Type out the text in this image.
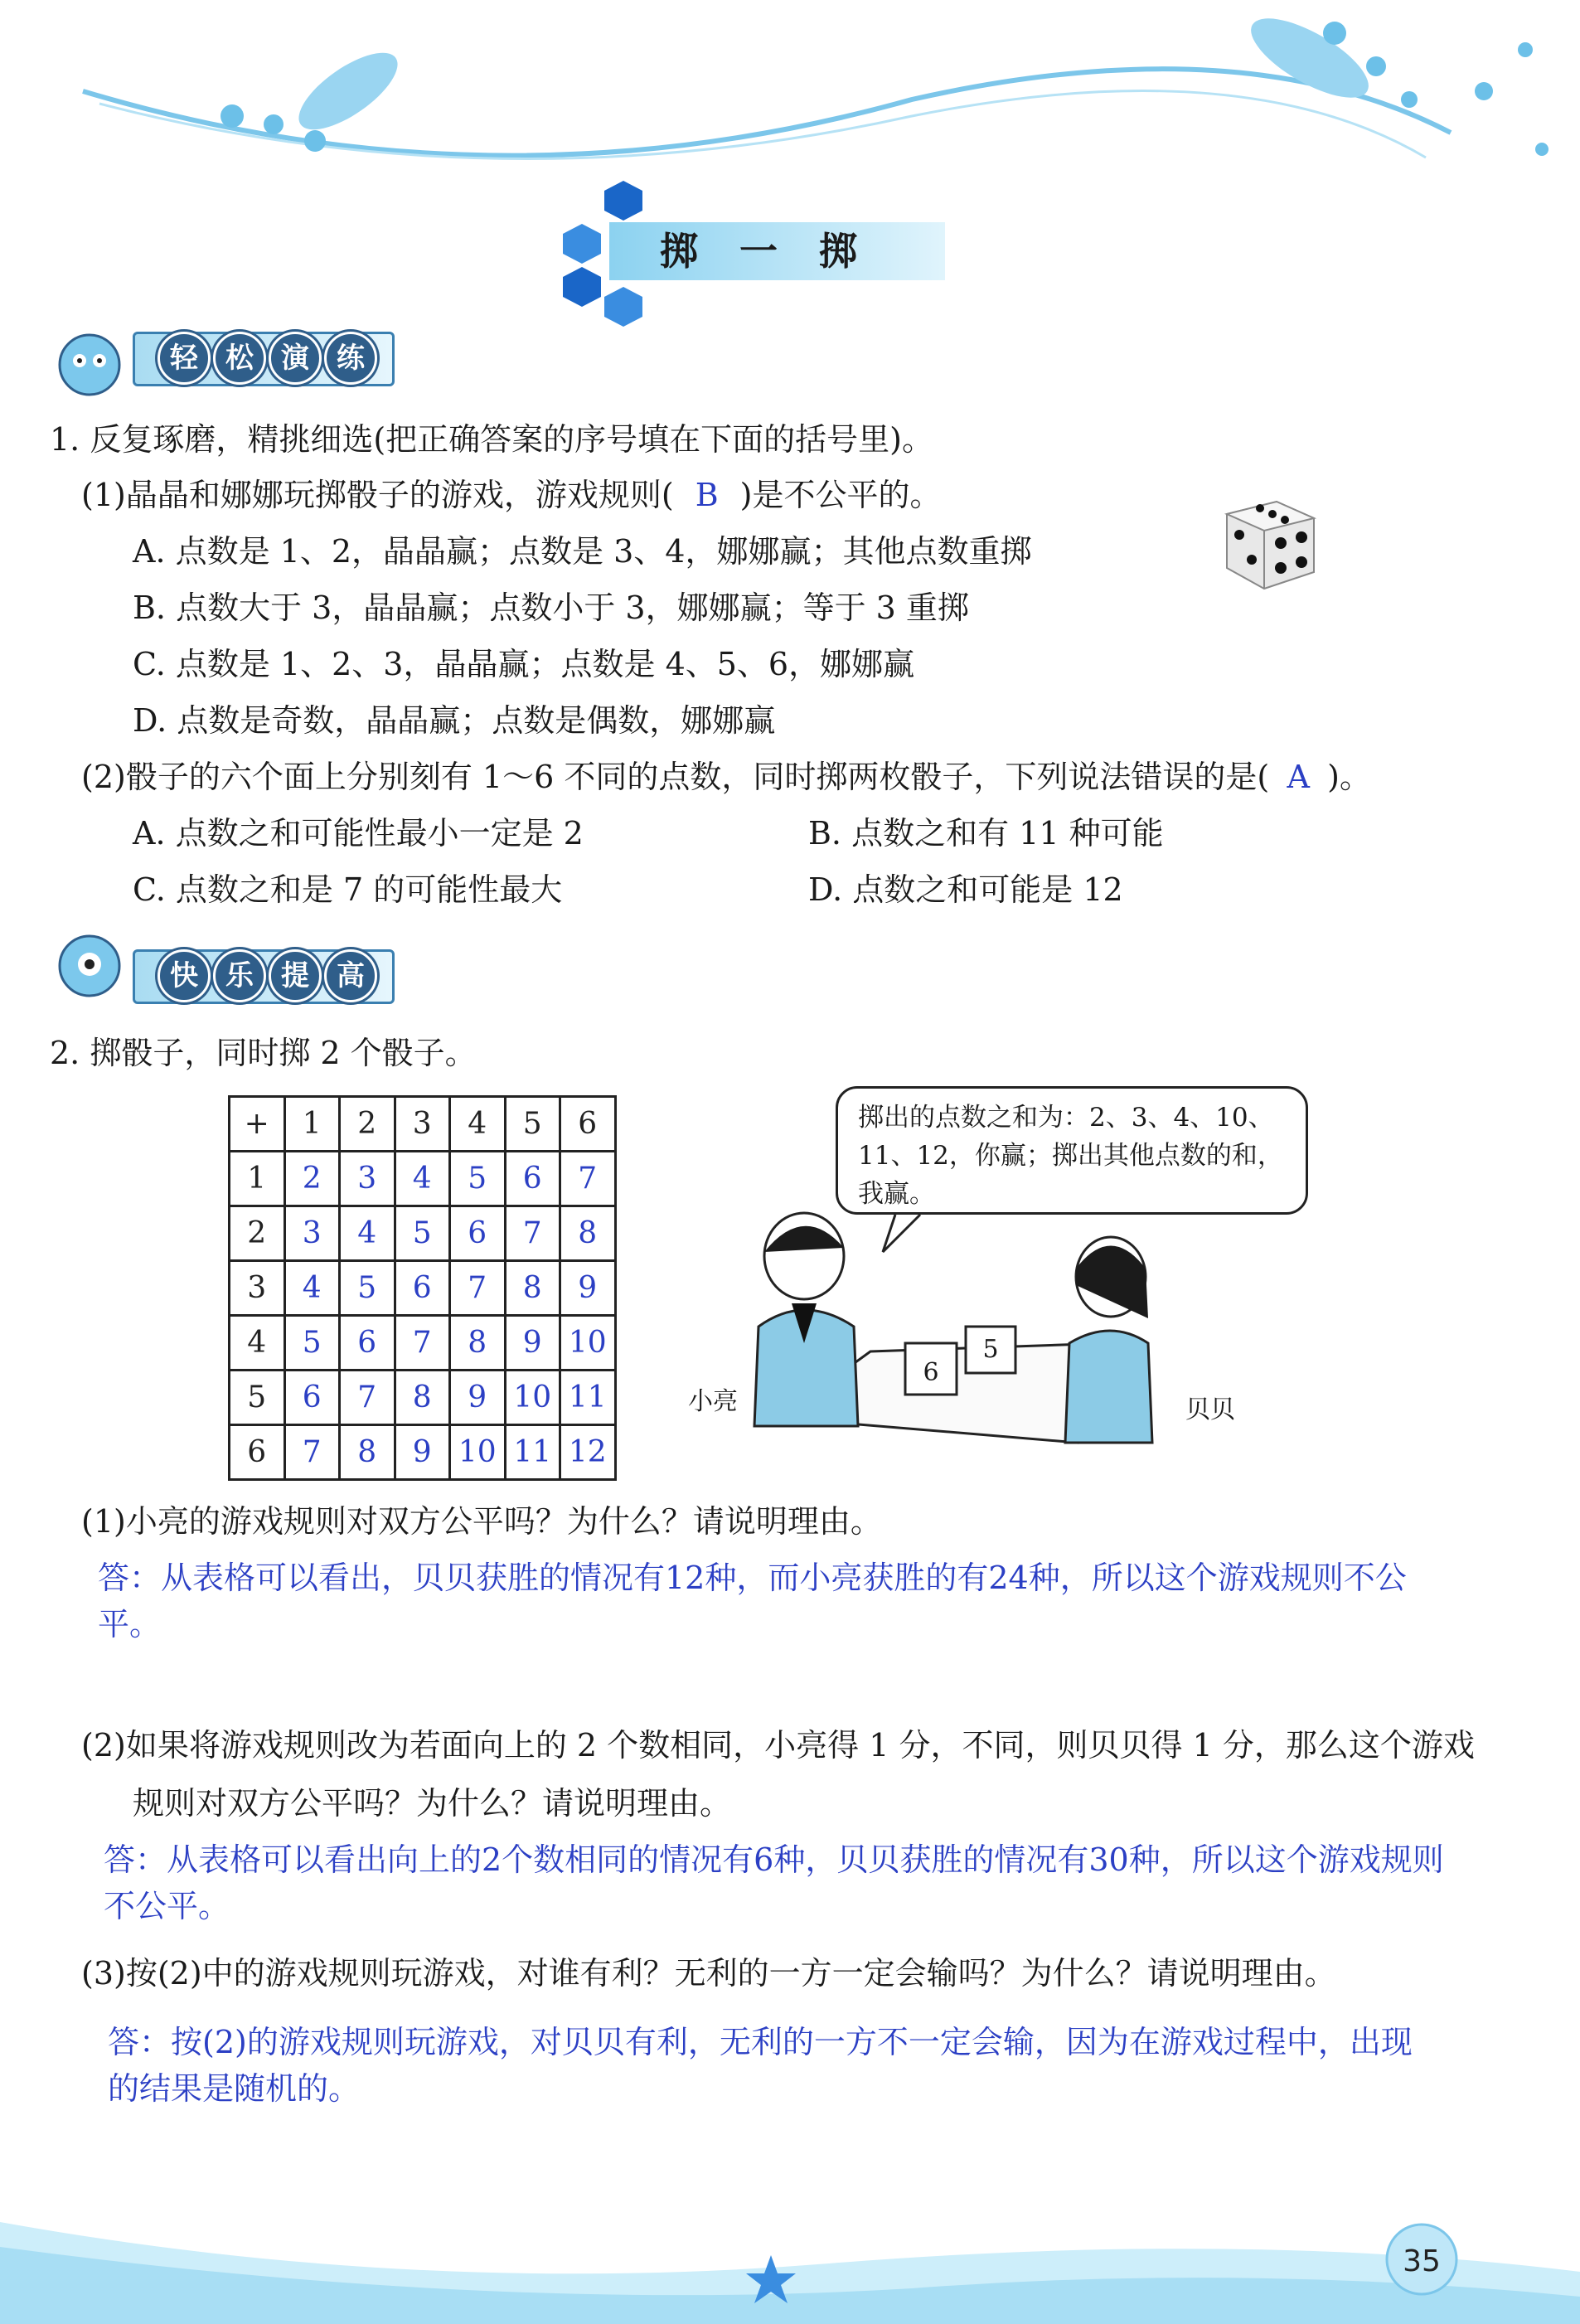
掷一掷
轻 松 演 练
1. 反复琢磨，精挑细选(把正确答案的序号填在下面的括号里)。
(1)晶晶和娜娜玩掷骰子的游戏，游戏规则( B )是不公平的。
A. 点数是 1、2，晶晶赢；点数是 3、4，娜娜赢；其他点数重掷
B. 点数大于 3，晶晶赢；点数小于 3，娜娜赢；等于 3 重掷
C. 点数是 1、2、3，晶晶赢；点数是 4、5、6，娜娜赢
D. 点数是奇数，晶晶赢；点数是偶数，娜娜赢
(2)骰子的六个面上分别刻有 1～6 不同的点数，同时掷两枚骰子，下列说法错误的是( A )。
A. 点数之和可能性最小一定是 2	B. 点数之和有 11 种可能
C. 点数之和是 7 的可能性最大	D. 点数之和可能是 12
快 乐 提 高
2. 掷骰子，同时掷 2 个骰子。
+	1	2	3	4	5	6
1	2	3	4	5	6	7
2	3	4	5	6	7	8
3	4	5	6	7	8	9
4	5	6	7	8	9	10
5	6	7	8	9	10	11
6	7	8	9	10	11	12
掷出的点数之和为：2、3、4、10、11、12，你赢；掷出其他点数的和，我赢。
6
5
小亮	贝贝
(1)小亮的游戏规则对双方公平吗？为什么？请说明理由。
答：从表格可以看出，贝贝获胜的情况有12种，而小亮获胜的有24种，所以这个游戏规则不公平。
(2)如果将游戏规则改为若面向上的 2 个数相同，小亮得 1 分，不同，则贝贝得 1 分，那么这个游戏
规则对双方公平吗？为什么？请说明理由。
答：从表格可以看出向上的2个数相同的情况有6种，贝贝获胜的情况有30种，所以这个游戏规则不公平。
(3)按(2)中的游戏规则玩游戏，对谁有利？无利的一方一定会输吗？为什么？请说明理由。
答：按(2)的游戏规则玩游戏，对贝贝有利，无利的一方不一定会输，因为在游戏过程中，出现的结果是随机的。
35
